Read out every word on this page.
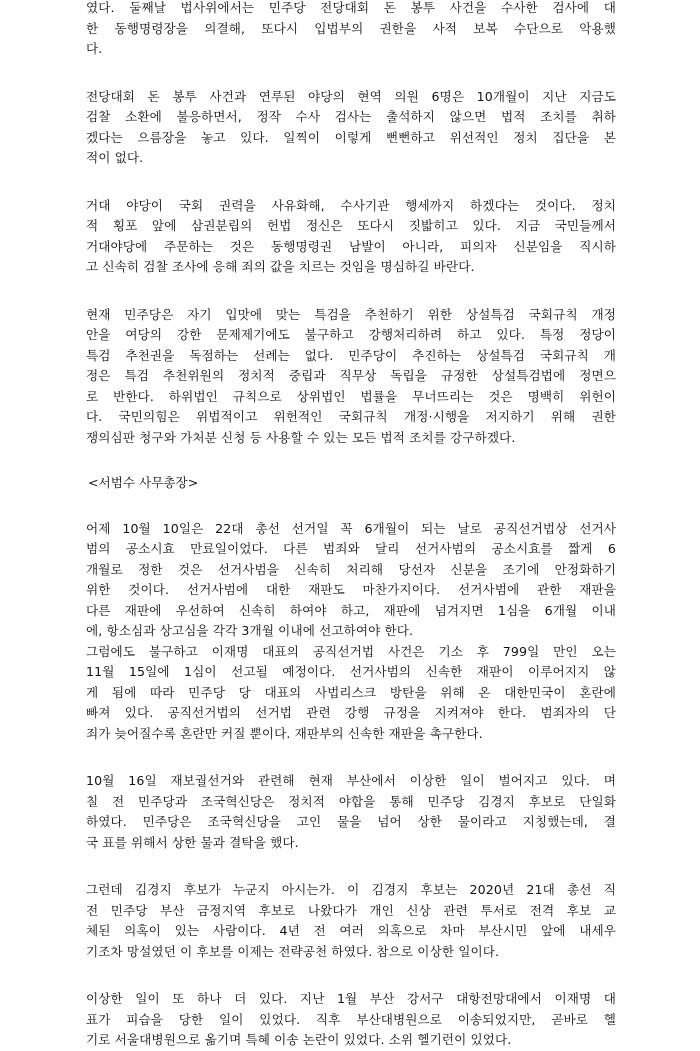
였다. 둘째날 법사위에서는 민주당 전당대회 돈 봉투 사건을 수사한 검사에 대
한 동행명령장을 의결해, 또다시 입법부의 권한을 사적 보복 수단으로 악용했
다.
전당대회 돈 봉투 사건과 연루된 야당의 현역 의원 6명은 10개월이 지난 지금도
검찰 소환에 불응하면서, 정작 수사 검사는 출석하지 않으면 법적 조치를 취하
겠다는 으름장을 놓고 있다. 일찍이 이렇게 뻔뻔하고 위선적인 정치 집단을 본
적이 없다.
거대 야당이 국회 권력을 사유화해, 수사기관 행세까지 하겠다는 것이다. 정치
적 횡포 앞에 삼권분립의 헌법 정신은 또다시 짓밟히고 있다. 지금 국민들께서
거대야당에 주문하는 것은 동행명령권 남발이 아니라, 피의자 신분임을 직시하
고 신속히 검찰 조사에 응해 죄의 값을 치르는 것임을 명심하길 바란다.
현재 민주당은 자기 입맛에 맞는 특검을 추천하기 위한 상설특검 국회규칙 개정
안을 여당의 강한 문제제기에도 불구하고 강행처리하려 하고 있다. 특정 정당이
특검 추천권을 독점하는 선례는 없다. 민주당이 추진하는 상설특검 국회규칙 개
정은 특검 추천위원의 정치적 중립과 직무상 독립을 규정한 상설특검법에 정면으
로 반한다. 하위법인 규칙으로 상위법인 법률을 무너뜨리는 것은 명백히 위헌이
다. 국민의힘은 위법적이고 위헌적인 국회규칙 개정·시행을 저지하기 위해 권한
쟁의심판 청구와 가처분 신청 등 사용할 수 있는 모든 법적 조치를 강구하겠다.
<서범수 사무총장>
어제 10월 10일은 22대 총선 선거일 꼭 6개월이 되는 날로 공직선거법상 선거사
범의 공소시효 만료일이었다. 다른 범죄와 달리 선거사범의 공소시효를 짧게 6
개월로 정한 것은 선거사범을 신속히 처리해 당선자 신분을 조기에 안정화하기
위한 것이다. 선거사범에 대한 재판도 마찬가지이다. 선거사범에 관한 재판을
다른 재판에 우선하여 신속히 하여야 하고, 재판에 넘겨지면 1심을 6개월 이내
에, 항소심과 상고심을 각각 3개월 이내에 선고하여야 한다.
그럼에도 불구하고 이재명 대표의 공직선거법 사건은 기소 후 799일 만인 오는
11월 15일에 1심이 선고될 예정이다. 선거사범의 신속한 재판이 이루어지지 않
게 됨에 따라 민주당 당 대표의 사법리스크 방탄을 위해 온 대한민국이 혼란에
빠져 있다. 공직선거법의 선거법 관련 강행 규정을 지켜져야 한다. 범죄자의 단
죄가 늦어질수록 혼란만 커질 뿐이다. 재판부의 신속한 재판을 촉구한다.
10월 16일 재보궐선거와 관련해 현재 부산에서 이상한 일이 벌어지고 있다. 며
칠 전 민주당과 조국혁신당은 정치적 야합을 통해 민주당 김경지 후보로 단일화
하였다. 민주당은 조국혁신당을 고인 물을 넘어 상한 물이라고 지칭했는데, 결
국 표를 위해서 상한 물과 결탁을 했다.
그런데 김경지 후보가 누군지 아시는가. 이 김경지 후보는 2020년 21대 총선 직
전 민주당 부산 금정지역 후보로 나왔다가 개인 신상 관련 투서로 전격 후보 교
체된 의혹이 있는 사람이다. 4년 전 여러 의혹으로 차마 부산시민 앞에 내세우
기조차 망설였던 이 후보를 이제는 전략공천 하였다. 참으로 이상한 일이다.
이상한 일이 또 하나 더 있다. 지난 1월 부산 강서구 대항전망대에서 이재명 대
표가 피습을 당한 일이 있었다. 직후 부산대병원으로 이송되었지만, 곧바로 헬
기로 서울대병원으로 옮기며 특혜 이송 논란이 있었다. 소위 헬기런이 있었다.
